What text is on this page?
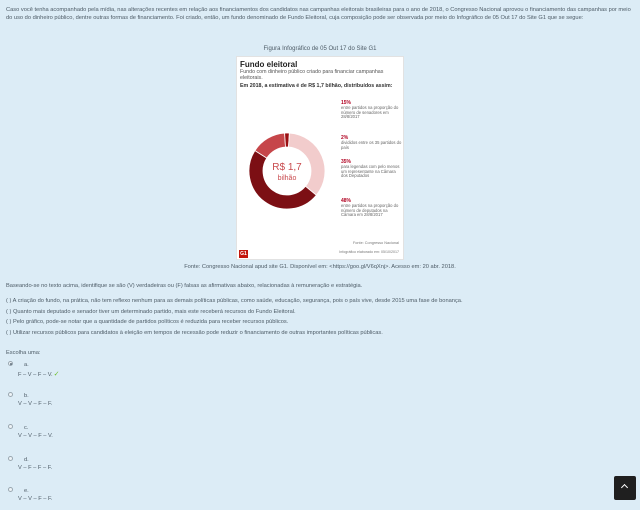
Caso você tenha acompanhado pela mídia, nas alterações recentes em relação aos financiamentos dos candidatos nas campanhas eleitorais brasileiras para o ano de 2018, o Congresso Nacional aprovou o financiamento das campanhas por meio do uso do dinheiro público, dentre outras formas de financiamento. Foi criado, então, um fundo denominado de Fundo Eleitoral, cuja composição pode ser observada por meio do Infográfico de 05 Out 17 do Site G1 que se segue:

Figura Infográfico de 05 Out 17 do Site G1
Fundo eleitoral
Fundo com dinheiro público criado para financiar campanhas eleitorais.
Em 2018, a estimativa é de R$ 1,7 bilhão, distribuídos assim:
R$ 1,7
bilhão
15%
entre partidos na proporção do número de senadores em 28/8/2017
2%
divididos entre os 35 partidos do país
35%
para legendas com pelo menos um representante na Câmara dos Deputados
48%
entre partidos na proporção do número de deputados na Câmara em 28/8/2017
Fonte: Congresso Nacional
G1	Infográfico elaborado em: 05/10/2017
Fonte: Congresso Nacional apud site G1. Disponível em: <https://goo.gl/V6qXnj>. Acesso em: 20 abr. 2018.

Baseando-se no texto acima, identifique se são (V) verdadeiras ou (F) falsas as afirmativas abaixo, relacionadas à remuneração e estratégia.

( ) A criação do fundo, na prática, não tem reflexo nenhum para as demais políticas públicas, como saúde, educação, segurança, pois o país vive, desde 2015 uma fase de bonança.
( ) Quanto mais deputado e senador tiver um determinado partido, mais este receberá recursos do Fundo Eleitoral.
( ) Pelo gráfico, pode-se notar que a quantidade de partidos políticos é reduzida para receber recursos públicos.
( ) Utilizar recursos públicos para candidatos à eleição em tempos de recessão pode reduzir o financiamento de outras importantes políticas públicas.
Escolha uma:
a.
F – V – F – V.✓
b.
V – V – F – F.
c.
V – V – F – V.
d.
V – F – F – F.
e.
V – V – F – F.
